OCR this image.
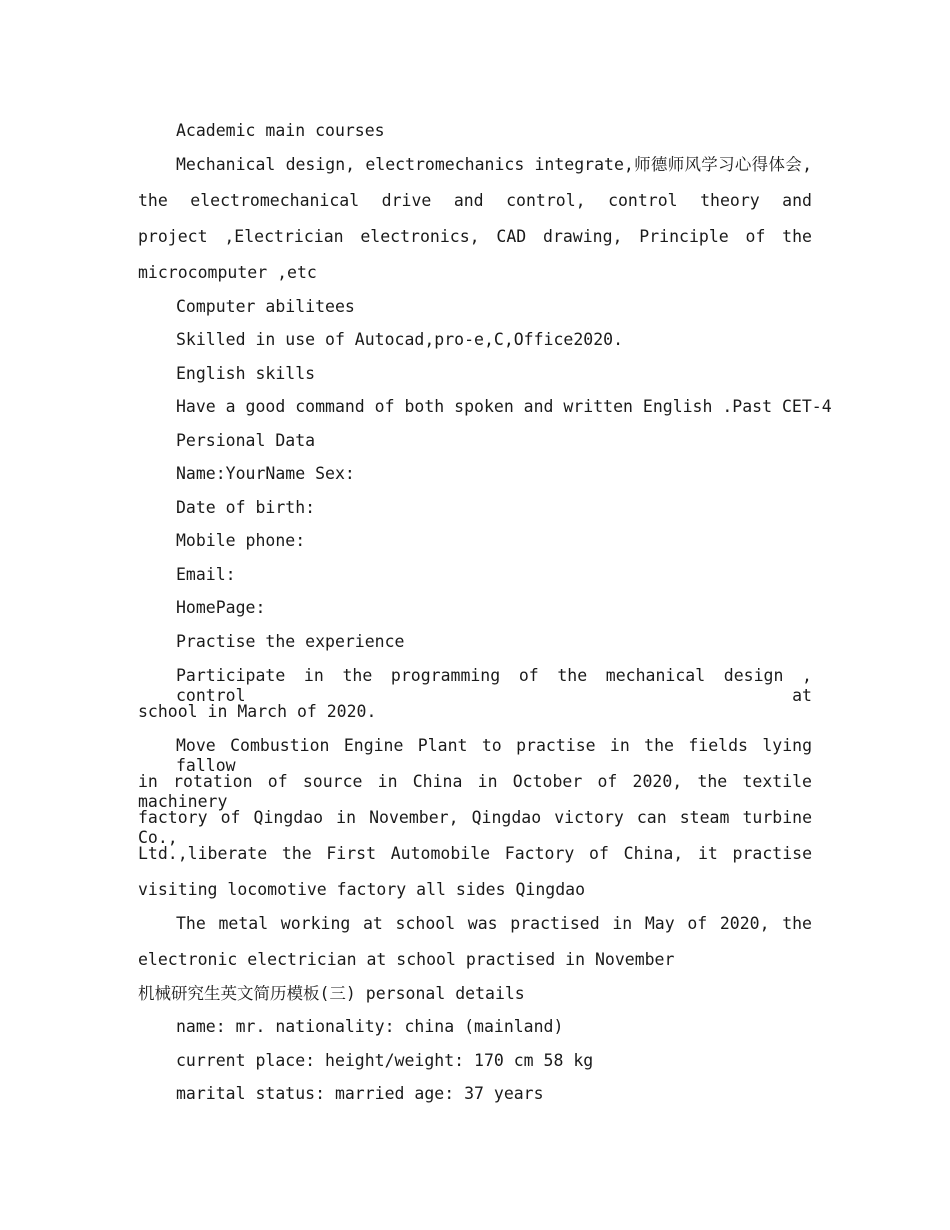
Academic main courses
Mechanical design, electromechanics integrate,师德师风学习心得体会,
the electromechanical drive and control, control theory and
project ,Electrician electronics, CAD drawing, Principle of the
microcomputer ,etc
Computer abilitees
Skilled in use of Autocad,pro-e,C,Office2020.
English skills
Have a good command of both spoken and written English .Past CET-4
Persional Data
Name:YourName Sex:
Date of birth:
Mobile phone:
Email:
HomePage:
Practise the experience
Participate in the programming of the mechanical design , control at
school in March of 2020.
Move Combustion Engine Plant to practise in the fields lying fallow
in rotation of source in China in October of 2020, the textile machinery
factory of Qingdao in November, Qingdao victory can steam turbine Co.,
Ltd.,liberate the First Automobile Factory of China, it practise
visiting locomotive factory all sides Qingdao
The metal working at school was practised in May of 2020, the
electronic electrician at school practised in November
机械研究生英文简历模板(三) personal details
name: mr. nationality: china (mainland)
current place: height/weight: 170 cm 58 kg
marital status: married age: 37 years
